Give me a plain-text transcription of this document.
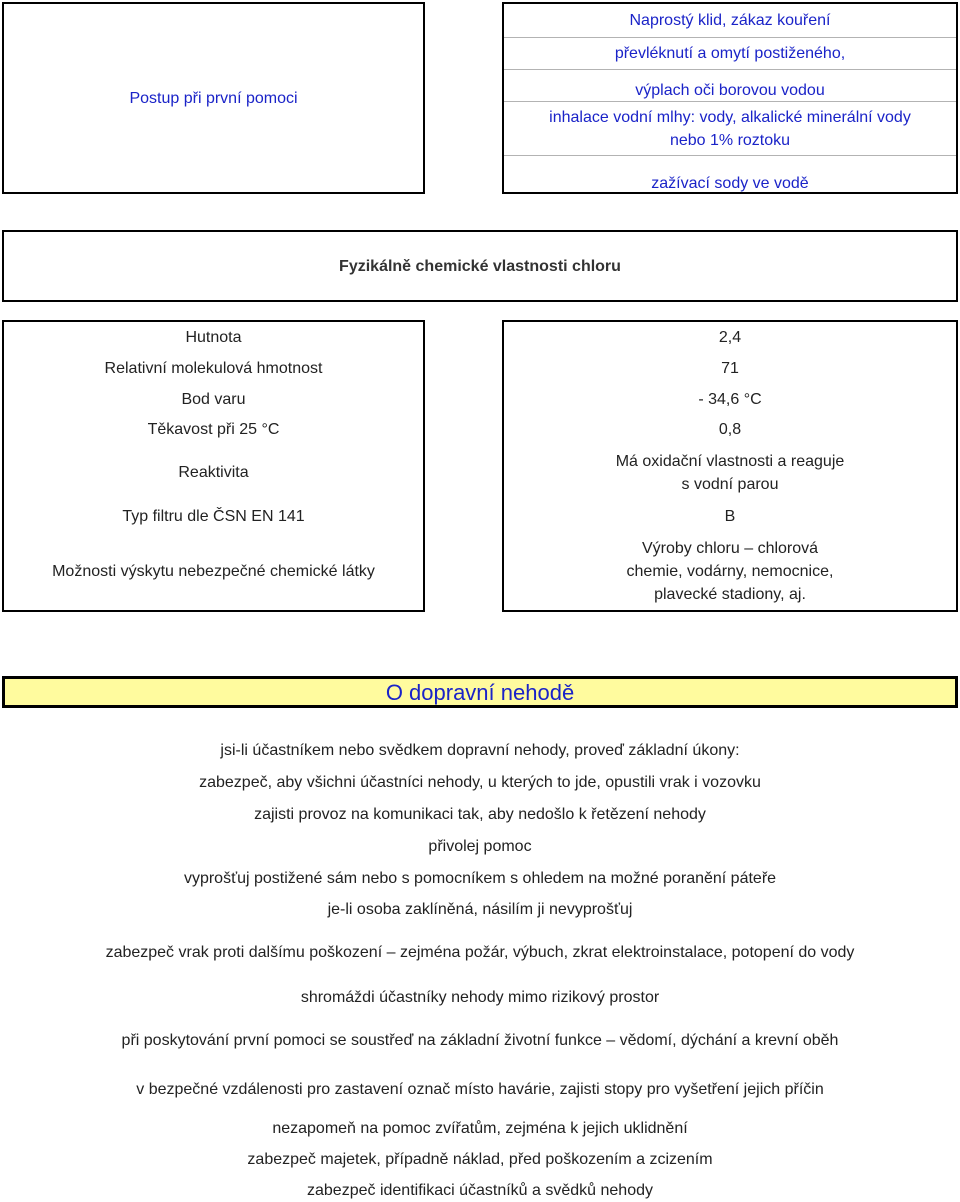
Postup při první pomoci
Naprostý klid, zákaz kouření
převléknutí a omytí postiženého,
výplach oči borovou vodou
inhalace vodní mlhy: vody, alkalické minerální vody
nebo 1% roztoku
zažívací sody ve vodě
Fyzikálně chemické vlastnosti chloru
Hutnota
Relativní molekulová hmotnost
Bod varu
Těkavost při 25 °C
Reaktivita
Typ filtru dle ČSN EN 141
Možnosti výskytu nebezpečné chemické látky
2,4
71
- 34,6 °C
0,8
Má oxidační vlastnosti a reaguje
s vodní parou
B
Výroby chloru – chlorová
chemie, vodárny, nemocnice,
plavecké stadiony, aj.
O dopravní nehodě
jsi-li účastníkem nebo svědkem dopravní nehody, proveď základní úkony:
zabezpeč, aby všichni účastníci nehody, u kterých to jde, opustili vrak i vozovku
zajisti provoz na komunikaci tak, aby nedošlo k řetězení nehody
přivolej pomoc
vyprošťuj postižené sám nebo s pomocníkem s ohledem na možné poranění páteře
je-li osoba zaklíněná, násilím ji nevyprošťuj
zabezpeč vrak proti dalšímu poškození – zejména požár, výbuch, zkrat elektroinstalace, potopení do vody
shromáždi účastníky nehody mimo rizikový prostor
při poskytování první pomoci se soustřeď na základní životní funkce – vědomí, dýchání a krevní oběh
v bezpečné vzdálenosti pro zastavení označ místo havárie, zajisti stopy pro vyšetření jejich příčin
nezapomeň na pomoc zvířatům, zejména k jejich uklidnění
zabezpeč majetek, případně náklad, před poškozením a zcizením
zabezpeč identifikaci účastníků a svědků nehody
